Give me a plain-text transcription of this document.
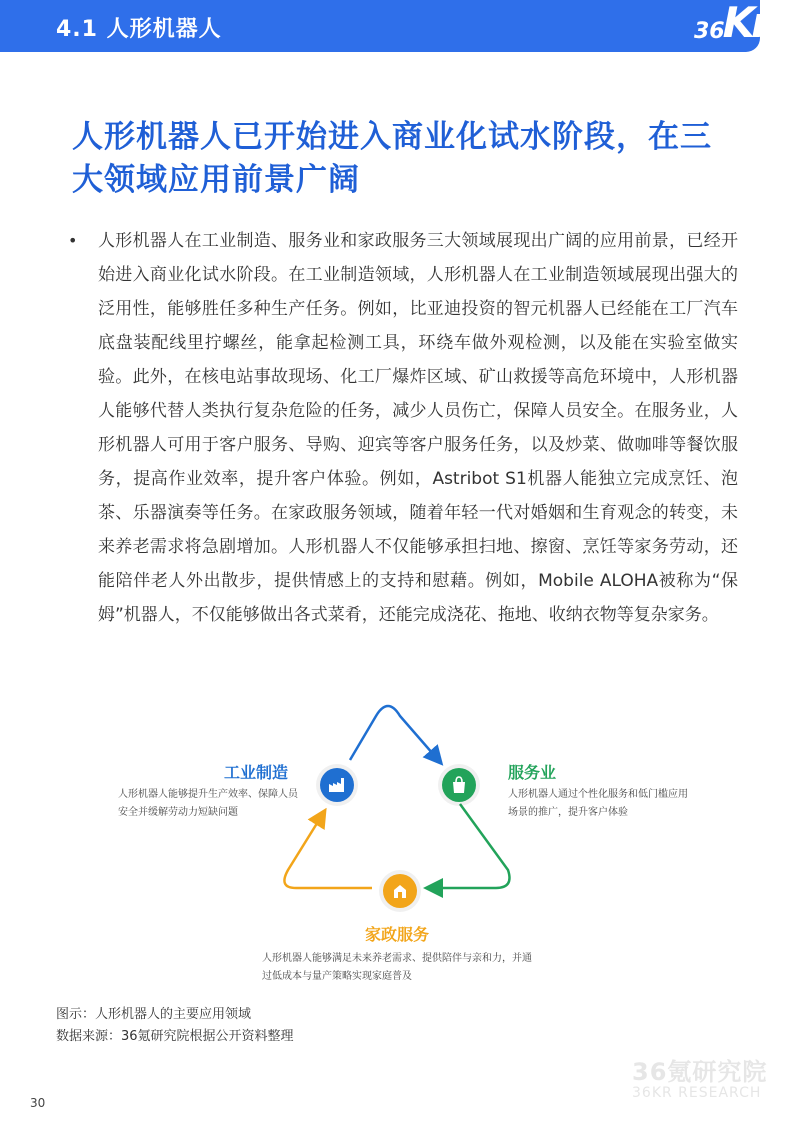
4.1 人形机器人	36
Kr
人形机器人已开始进入商业化试水阶段，在三大领域应用前景广阔
• 人形机器人在工业制造、服务业和家政服务三大领域展现出广阔的应用前景，已经开始进入商业化试水阶段。在工业制造领域，人形机器人在工业制造领域展现出强大的泛用性，能够胜任多种生产任务。例如，比亚迪投资的智元机器人已经能在工厂汽车底盘装配线里拧螺丝，能拿起检测工具，环绕车做外观检测，以及能在实验室做实验。此外，在核电站事故现场、化工厂爆炸区域、矿山救援等高危环境中，人形机器人能够代替人类执行复杂危险的任务，减少人员伤亡，保障人员安全。在服务业，人形机器人可用于客户服务、导购、迎宾等客户服务任务，以及炒菜、做咖啡等餐饮服务，提高作业效率，提升客户体验。例如，Astribot S1机器人能独立完成烹饪、泡茶、乐器演奏等任务。在家政服务领域，随着年轻一代对婚姻和生育观念的转变，未来养老需求将急剧增加。人形机器人不仅能够承担扫地、擦窗、烹饪等家务劳动，还能陪伴老人外出散步，提供情感上的支持和慰藉。例如，Mobile ALOHA被称为“保姆”机器人，不仅能够做出各式菜肴，还能完成浇花、拖地、收纳衣物等复杂家务。

工业制造
人形机器人能够提升生产效率、保障人员安全并缓解劳动力短缺问题
服务业
人形机器人通过个性化服务和低门槛应用场景的推广，提升客户体验
家政服务
人形机器人能够满足未来养老需求、提供陪伴与亲和力，并通过低成本与量产策略实现家庭普及
图示：人形机器人的主要应用领域
数据来源：36氪研究院根据公开资料整理
36氪研究院
36KR RESEARCH
30
